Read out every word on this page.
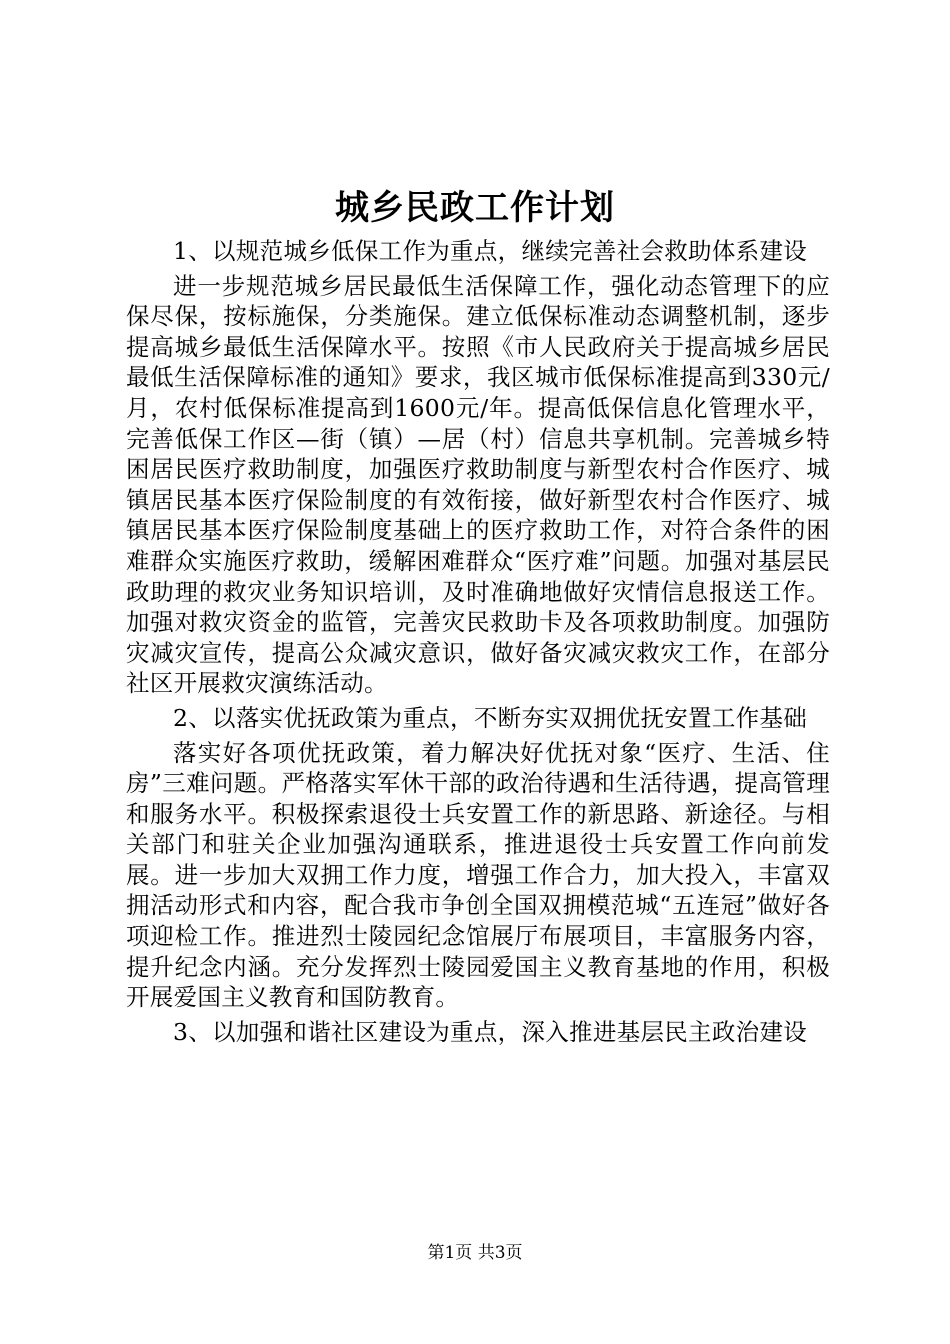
城乡民政工作计划

1、以规范城乡低保工作为重点，继续完善社会救助体系建设

进一步规范城乡居民最低生活保障工作，强化动态管理下的应保尽保，按标施保，分类施保。建立低保标准动态调整机制，逐步提高城乡最低生活保障水平。按照《市人民政府关于提高城乡居民最低生活保障标准的通知》要求，我区城市低保标准提高到330元/月，农村低保标准提高到1600元/年。提高低保信息化管理水平，完善低保工作区—街（镇）—居（村）信息共享机制。完善城乡特困居民医疗救助制度，加强医疗救助制度与新型农村合作医疗、城镇居民基本医疗保险制度的有效衔接，做好新型农村合作医疗、城镇居民基本医疗保险制度基础上的医疗救助工作，对符合条件的困难群众实施医疗救助，缓解困难群众“医疗难”问题。加强对基层民政助理的救灾业务知识培训，及时准确地做好灾情信息报送工作。加强对救灾资金的监管，完善灾民救助卡及各项救助制度。加强防灾减灾宣传，提高公众减灾意识，做好备灾减灾救灾工作，在部分社区开展救灾演练活动。

2、以落实优抚政策为重点，不断夯实双拥优抚安置工作基础

落实好各项优抚政策，着力解决好优抚对象“医疗、生活、住房”三难问题。严格落实军休干部的政治待遇和生活待遇，提高管理和服务水平。积极探索退役士兵安置工作的新思路、新途径。与相关部门和驻关企业加强沟通联系，推进退役士兵安置工作向前发展。进一步加大双拥工作力度，增强工作合力，加大投入，丰富双拥活动形式和内容，配合我市争创全国双拥模范城“五连冠”做好各项迎检工作。推进烈士陵园纪念馆展厅布展项目，丰富服务内容，提升纪念内涵。充分发挥烈士陵园爱国主义教育基地的作用，积极开展爱国主义教育和国防教育。

3、以加强和谐社区建设为重点，深入推进基层民主政治建设

第1页 共3页
